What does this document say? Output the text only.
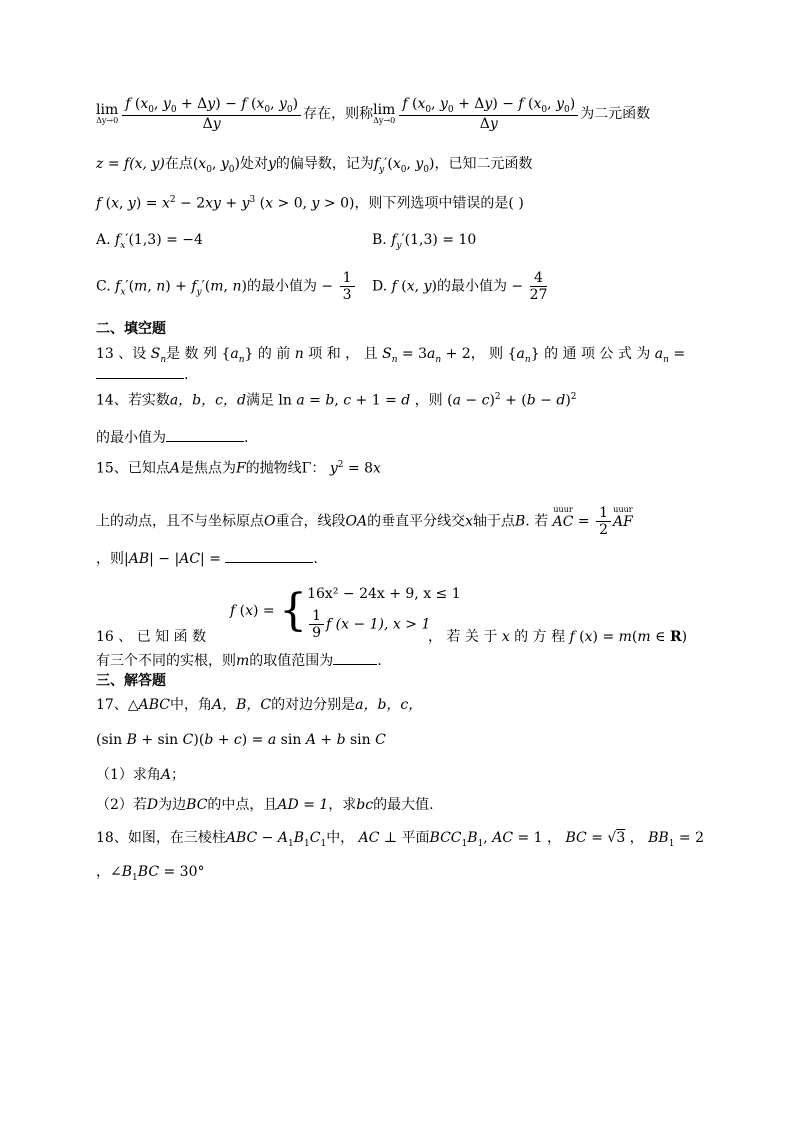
lim
$\Delta y\to 0 \frac{f (x_0, y_0 + \Delta y) - f (x_0, y_0)}{\Delta y}$ 存在，则称 lim
$\Delta y\to 0 \frac{f (x_0, y_0 + \Delta y) - f (x_0, y_0)}{\Delta y}$ 为二元函数
z = f(x, y)在点($x_0$, $y_0$)处对y的偏导数，记为$f_y'(x_0$, $y_0$)，已知二元函数
f (x, $y) = x^2 - 2xy + y^3$ (x > 0, y > 0)，则下列选项中错误的是( )
A. $f_x'(1,3) = -4$	B. $f_y'(1,3) = 10$
C. $f_x'(m$, $n) + f_y'(m$, n)的最小值为 − $\frac{1}{3} D$. f (x, y)的最小值为 − $\frac{4}{27}$
二、填空题
13 、设 $S_n$是 数 列 $\{a_n\}$ 的 前 n 项 和 ， 且 $S_n = 3a_n + 2$， 则 $\{a_n\}$ 的 通 项 公 式 为 $a_n$ =
.
14、若实数a，b，c，d满足 ln a = b, c + 1 = d ，则 $(a - c)^2 + (b - d)^2$
的最小值为	.
15、已知点A是焦点为F的抛物线Γ： $y^2 = 8x$
上的动点，且不与坐标原点O重合，线段OA的垂直平分线交x轴于点B. 若
uuur
AC = $\frac{1}{2}$ uuur
AF
，则|AB| − |AC| =	.
f (x) = { 16x² − 24x + 9, x ≤ 1
$\frac{1}{9}$ f (x − 1), x > 1
16 、 已 知 函 数	， 若 关 于 x 的 方 程 f (x) = m(m ∈ R)
有三个不同的实根，则m的取值范围为	.
三、解答题
17、△ABC中，角A，B，C的对边分别是a，b，c，
(sin B + sin C)(b + c) = a sin A + b sin C
（1）求角A；
（2）若D为边BC的中点，且AD = 1，求bc的最大值.
18、如图，在三棱柱ABC − $A_1B_1C_1$中， AC ⊥ 平面$BCC_1B_1$, AC = 1 ， BC = √3 ， $BB_1 = 2$
，$\angle B_1BC = 30^\circ$
